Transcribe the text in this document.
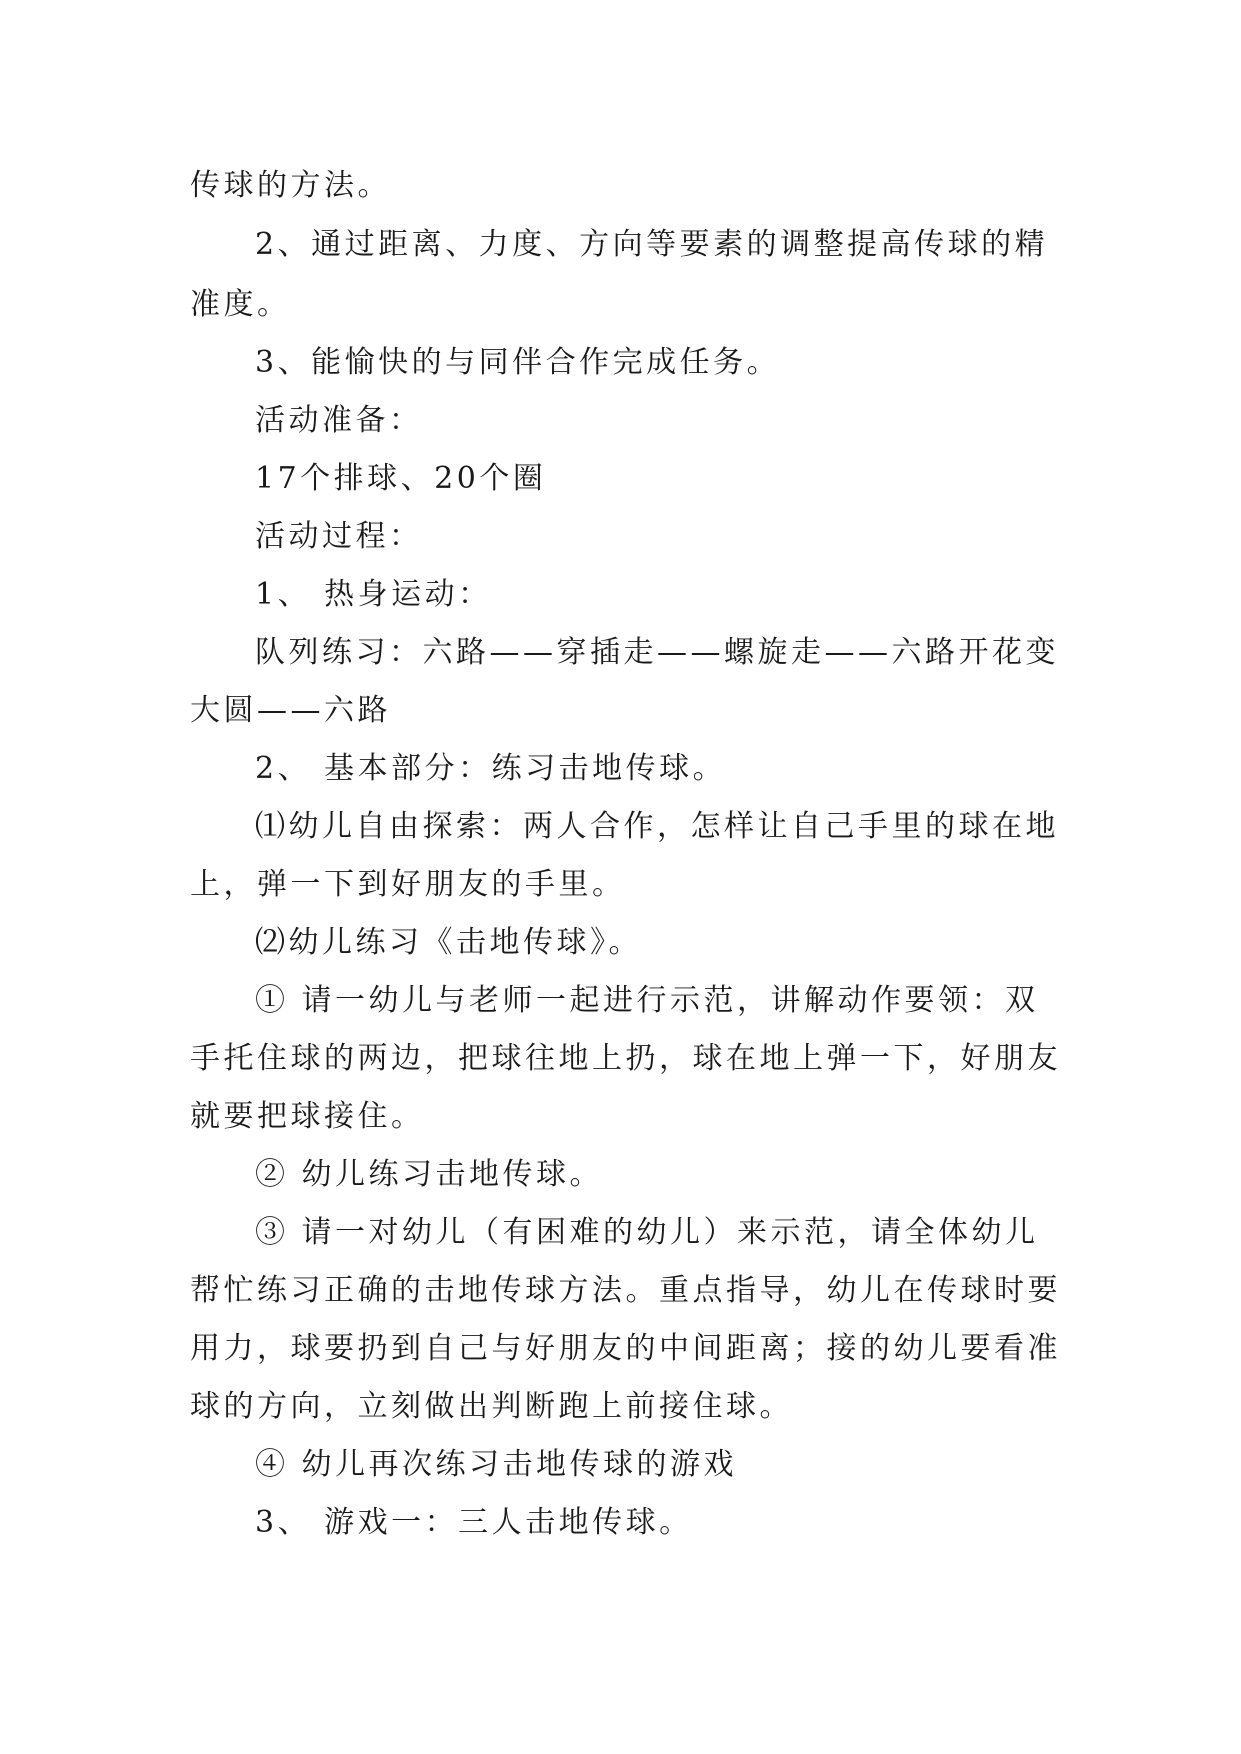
传球的方法。
2、通过距离、力度、方向等要素的调整提高传球的精
准度。
3、能愉快的与同伴合作完成任务。
活动准备：
17个排球、20个圈
活动过程：
1、 热身运动：
队列练习：六路——穿插走——螺旋走——六路开花变
大圆——六路
2、 基本部分：练习击地传球。
⑴幼儿自由探索：两人合作，怎样让自己手里的球在地
上，弹一下到好朋友的手里。
⑵幼儿练习《击地传球》。
① 请一幼儿与老师一起进行示范，讲解动作要领：双
手托住球的两边，把球往地上扔，球在地上弹一下，好朋友
就要把球接住。
② 幼儿练习击地传球。
③ 请一对幼儿（有困难的幼儿）来示范，请全体幼儿
帮忙练习正确的击地传球方法。重点指导，幼儿在传球时要
用力，球要扔到自己与好朋友的中间距离；接的幼儿要看准
球的方向，立刻做出判断跑上前接住球。
④ 幼儿再次练习击地传球的游戏
3、 游戏一：三人击地传球。
